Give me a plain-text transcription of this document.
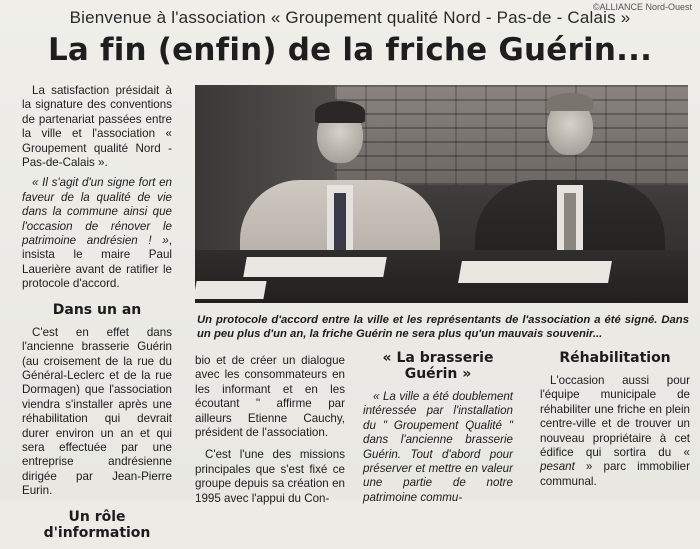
©ALLIANCE Nord-Ouest
Bienvenue à l'association « Groupement qualité Nord - Pas-de - Calais »
La fin (enfin) de la friche Guérin...

La satisfaction présidait à la signature des conventions de partenariat passées entre la ville et l'association « Groupement qualité Nord - Pas-de-Calais ».

« Il s'agit d'un signe fort en faveur de la qualité de vie dans la commune ainsi que l'occasion de rénover le patrimoine andrésien ! », insista le maire Paul Lauerière avant de ratifier le protocole d'accord.

Dans un an

C'est en effet dans l'ancienne brasserie Guérin (au croisement de la rue du Général-Leclerc et de la rue Dormagen) que l'association viendra s'installer après une réhabilitation qui devrait durer environ un an et qui sera effectuée par une entreprise andrésienne dirigée par Jean-Pierre Eurin.

Un rôle d'information
Un protocole d'accord entre la ville et les représentants de l'association a été signé. Dans un peu plus d'un an, la friche Guérin ne sera plus qu'un mauvais souvenir...

bio et de créer un dialogue avec les consommateurs en les informant et en les écoutant " affirme par ailleurs Etienne Cauchy, président de l'association.

C'est l'une des missions principales que s'est fixé ce groupe depuis sa création en 1995 avec l'appui du Con-

« La brasserie Guérin »

« La ville a été doublement intéressée par l'installation du " Groupement Qualité " dans l'ancienne brasserie Guérin. Tout d'abord pour préserver et mettre en valeur une partie de notre patrimoine commu-

Réhabilitation

L'occasion aussi pour l'équipe municipale de réhabiliter une friche en plein centre-ville et de trouver un nouveau propriétaire à cet édifice qui sortira du « pesant » parc immobilier communal.
